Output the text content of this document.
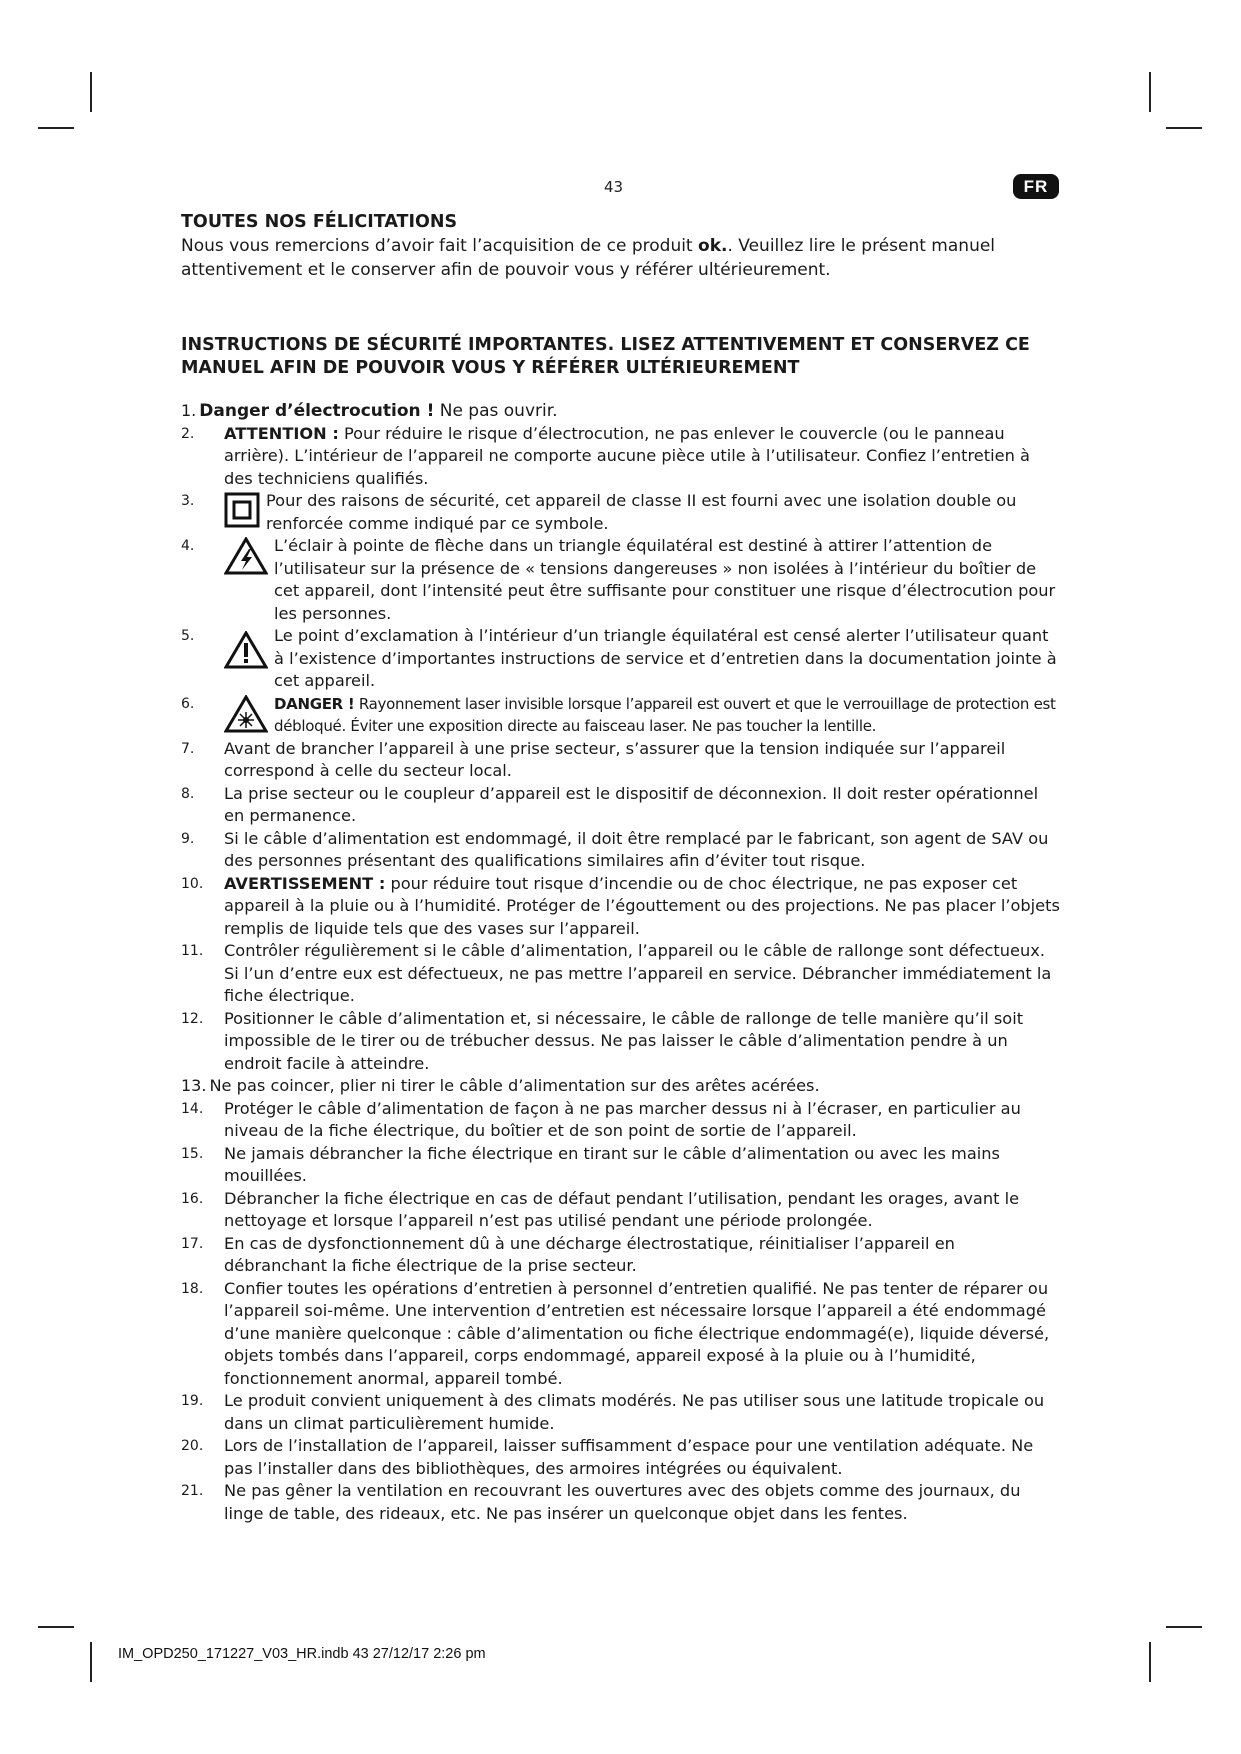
43	FR
TOUTES NOS FÉLICITATIONS
Nous vous remercions d’avoir fait l’acquisition de ce produit ok.. Veuillez lire le présent manuel attentivement et le conserver afin de pouvoir vous y référer ultérieurement.
INSTRUCTIONS DE SÉCURITÉ IMPORTANTES. LISEZ ATTENTIVEMENT ET CONSERVEZ CE MANUEL AFIN DE POUVOIR VOUS Y RÉFÉRER ULTÉRIEUREMENT
1. Danger d’électrocution ! Ne pas ouvrir.
2. ATTENTION : Pour réduire le risque d’électrocution, ne pas enlever le couvercle (ou le panneau arrière). L’intérieur de l’appareil ne comporte aucune pièce utile à l’utilisateur. Confiez l’entretien à des techniciens qualifiés.
3.	Pour des raisons de sécurité, cet appareil de classe II est fourni avec une isolation double ou renforcée comme indiqué par ce symbole.
4.	L’éclair à pointe de flèche dans un triangle équilatéral est destiné à attirer l’attention de l’utilisateur sur la présence de « tensions dangereuses » non isolées à l’intérieur du boîtier de cet appareil, dont l’intensité peut être suffisante pour constituer une risque d’électrocution pour les personnes.
5.	Le point d’exclamation à l’intérieur d’un triangle équilatéral est censé alerter l’utilisateur quant à l’existence d’importantes instructions de service et d’entretien dans la documentation jointe à cet appareil.
6.	DANGER ! Rayonnement laser invisible lorsque l’appareil est ouvert et que le verrouillage de protection est débloqué. Éviter une exposition directe au faisceau laser. Ne pas toucher la lentille.
7. Avant de brancher l’appareil à une prise secteur, s’assurer que la tension indiquée sur l’appareil correspond à celle du secteur local.
8. La prise secteur ou le coupleur d’appareil est le dispositif de déconnexion. Il doit rester opérationnel en permanence.
9. Si le câble d’alimentation est endommagé, il doit être remplacé par le fabricant, son agent de SAV ou des personnes présentant des qualifications similaires afin d’éviter tout risque.
10. AVERTISSEMENT : pour réduire tout risque d’incendie ou de choc électrique, ne pas exposer cet appareil à la pluie ou à l’humidité. Protéger de l’égouttement ou des projections. Ne pas placer l’objets remplis de liquide tels que des vases sur l’appareil.
11. Contrôler régulièrement si le câble d’alimentation, l’appareil ou le câble de rallonge sont défectueux. Si l’un d’entre eux est défectueux, ne pas mettre l’appareil en service. Débrancher immédiatement la fiche électrique.
12. Positionner le câble d’alimentation et, si nécessaire, le câble de rallonge de telle manière qu’il soit impossible de le tirer ou de trébucher dessus. Ne pas laisser le câble d’alimentation pendre à un endroit facile à atteindre.
13. Ne pas coincer, plier ni tirer le câble d’alimentation sur des arêtes acérées.
14. Protéger le câble d’alimentation de façon à ne pas marcher dessus ni à l’écraser, en particulier au niveau de la fiche électrique, du boîtier et de son point de sortie de l’appareil.
15. Ne jamais débrancher la fiche électrique en tirant sur le câble d’alimentation ou avec les mains mouillées.
16. Débrancher la fiche électrique en cas de défaut pendant l’utilisation, pendant les orages, avant le nettoyage et lorsque l’appareil n’est pas utilisé pendant une période prolongée.
17. En cas de dysfonctionnement dû à une décharge électrostatique, réinitialiser l’appareil en débranchant la fiche électrique de la prise secteur.
18. Confier toutes les opérations d’entretien à personnel d’entretien qualifié. Ne pas tenter de réparer ou l’appareil soi-même. Une intervention d’entretien est nécessaire lorsque l’appareil a été endommagé d’une manière quelconque : câble d’alimentation ou fiche électrique endommagé(e), liquide déversé, objets tombés dans l’appareil, corps endommagé, appareil exposé à la pluie ou à l’humidité, fonctionnement anormal, appareil tombé.
19. Le produit convient uniquement à des climats modérés. Ne pas utiliser sous une latitude tropicale ou dans un climat particulièrement humide.
20. Lors de l’installation de l’appareil, laisser suffisamment d’espace pour une ventilation adéquate. Ne pas l’installer dans des bibliothèques, des armoires intégrées ou équivalent.
21. Ne pas gêner la ventilation en recouvrant les ouvertures avec des objets comme des journaux, du linge de table, des rideaux, etc. Ne pas insérer un quelconque objet dans les fentes.
IM_OPD250_171227_V03_HR.indb 43 27/12/17 2:26 pm
